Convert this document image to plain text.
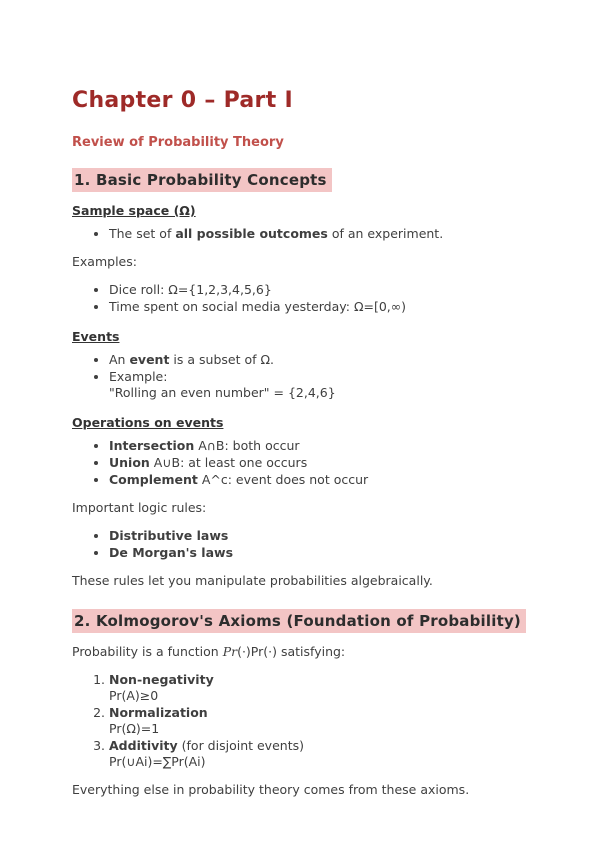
Chapter 0 – Part I
Review of Probability Theory
1. Basic Probability Concepts
Sample space (Ω)
• The set of all possible outcomes of an experiment.

Examples:

• Dice roll: Ω={1,2,3,4,5,6}
• Time spent on social media yesterday: Ω=[0,∞)
Events
• An event is a subset of Ω.
• Example:
"Rolling an even number" = {2,4,6}
Operations on events
• Intersection A∩B: both occur
• Union A∪B: at least one occurs
• Complement A^c: event does not occur

Important logic rules:

• Distributive laws
• De Morgan's laws

These rules let you manipulate probabilities algebraically.

2. Kolmogorov's Axioms (Foundation of Probability)

Probability is a function Pr(·)Pr(·) satisfying:

1. Non-negativity
Pr(A)≥0
2. Normalization
Pr(Ω)=1
3. Additivity (for disjoint events)
Pr(∪Ai)=∑Pr(Ai)

Everything else in probability theory comes from these axioms.
